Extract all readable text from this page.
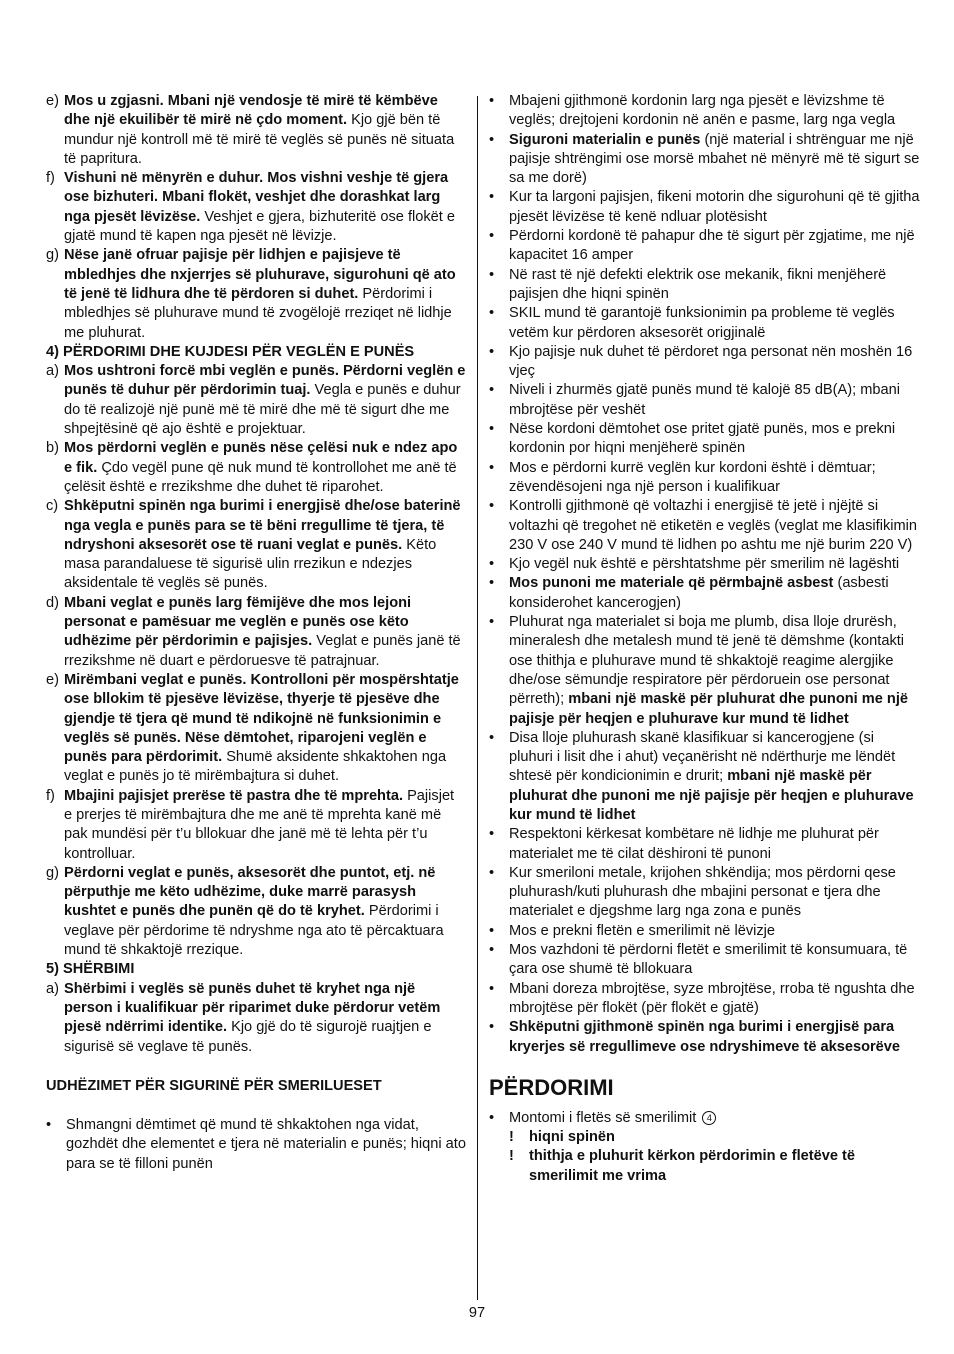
e) Mos u zgjasni. Mbani një vendosje të mirë të këmbëve dhe një ekuilibër të mirë në çdo moment. Kjo gjë bën të mundur një kontroll më të mirë të veglës së punës në situata të papritura.

f) Vishuni në mënyrën e duhur. Mos vishni veshje të gjera ose bizhuteri. Mbani flokët, veshjet dhe dorashkat larg nga pjesët lëvizëse. Veshjet e gjera, bizhuteritë ose flokët e gjatë mund të kapen nga pjesët në lëvizje.

g) Nëse janë ofruar pajisje për lidhjen e pajisjeve të mbledhjes dhe nxjerrjes së pluhurave, sigurohuni që ato të jenë të lidhura dhe të përdoren si duhet. Përdorimi i mbledhjes së pluhurave mund të zvogëlojë rreziqet në lidhje me pluhurat.

4) PËRDORIMI DHE KUJDESI PËR VEGLËN E PUNËS

a) Mos ushtroni forcë mbi veglën e punës. Përdorni veglën e punës të duhur për përdorimin tuaj. Vegla e punës e duhur do të realizojë një punë më të mirë dhe më të sigurt dhe me shpejtësinë që ajo është e projektuar.

b) Mos përdorni veglën e punës nëse çelësi nuk e ndez apo e fik. Çdo vegël pune që nuk mund të kontrollohet me anë të çelësit është e rrezikshme dhe duhet të riparohet.

c) Shkëputni spinën nga burimi i energjisë dhe/ose baterinë nga vegla e punës para se të bëni rregullime të tjera, të ndryshoni aksesorët ose të ruani veglat e punës. Këto masa parandaluese të sigurisë ulin rrezikun e ndezjes aksidentale të veglës së punës.

d) Mbani veglat e punës larg fëmijëve dhe mos lejoni personat e pamësuar me veglën e punës ose këto udhëzime për përdorimin e pajisjes. Veglat e punës janë të rrezikshme në duart e përdoruesve të patrajnuar.

e) Mirëmbani veglat e punës. Kontrolloni për mospërshtatje ose bllokim të pjesëve lëvizëse, thyerje të pjesëve dhe gjendje të tjera që mund të ndikojnë në funksionimin e veglës së punës. Nëse dëmtohet, riparojeni veglën e punës para përdorimit. Shumë aksidente shkaktohen nga veglat e punës jo të mirëmbajtura si duhet.

f) Mbajini pajisjet prerëse të pastra dhe të mprehta. Pajisjet e prerjes të mirëmbajtura dhe me anë të mprehta kanë më pak mundësi për t’u bllokuar dhe janë më të lehta për t’u kontrolluar.

g) Përdorni veglat e punës, aksesorët dhe puntot, etj. në përputhje me këto udhëzime, duke marrë parasysh kushtet e punës dhe punën që do të kryhet. Përdorimi i veglave për përdorime të ndryshme nga ato të përcaktuara mund të shkaktojë rrezique.

5) SHËRBIMI

a) Shërbimi i veglës së punës duhet të kryhet nga një person i kualifikuar për riparimet duke përdorur vetëm pjesë ndërrimi identike. Kjo gjë do të sigurojë ruajtjen e sigurisë së veglave të punës.

UDHËZIMET PËR SIGURINË PËR SMERILUESET

• Shmangni dëmtimet që mund të shkaktohen nga vidat, gozhdët dhe elementet e tjera në materialin e punës; hiqni ato para se të filloni punën

• Mbajeni gjithmonë kordonin larg nga pjesët e lëvizshme të veglës; drejtojeni kordonin në anën e pasme, larg nga vegla

• Siguroni materialin e punës (një material i shtrënguar me një pajisje shtrëngimi ose morsë mbahet në mënyrë më të sigurt se sa me dorë)

• Kur ta largoni pajisjen, fikeni motorin dhe sigurohuni që të gjitha pjesët lëvizëse të kenë ndluar plotësisht

• Përdorni kordonë të pahapur dhe të sigurt për zgjatime, me një kapacitet 16 amper

• Në rast të një defekti elektrik ose mekanik, fikni menjëherë pajisjen dhe hiqni spinën

• SKIL mund të garantojë funksionimin pa probleme të veglës vetëm kur përdoren aksesorët origjinalë

• Kjo pajisje nuk duhet të përdoret nga personat nën moshën 16 vjeç

• Niveli i zhurmës gjatë punës mund të kalojë 85 dB(A); mbani mbrojtëse për veshët

• Nëse kordoni dëmtohet ose pritet gjatë punës, mos e prekni kordonin por hiqni menjëherë spinën

• Mos e përdorni kurrë veglën kur kordoni është i dëmtuar; zëvendësojeni nga një person i kualifikuar

• Kontrolli gjithmonë që voltazhi i energjisë të jetë i njëjtë si voltazhi që tregohet në etiketën e veglës (veglat me klasifikimin 230 V ose 240 V mund të lidhen po ashtu me një burim 220 V)

• Kjo vegël nuk është e përshtatshme për smerilim në lagështi

• Mos punoni me materiale që përmbajnë asbest (asbesti konsiderohet kancerogjen)

• Pluhurat nga materialet si boja me plumb, disa lloje drurësh, mineralesh dhe metalesh mund të jenë të dëmshme (kontakti ose thithja e pluhurave mund të shkaktojë reagime alergjike dhe/ose sëmundje respiratore për përdoruein ose personat përreth); mbani një maskë për pluhurat dhe punoni me një pajisje për heqjen e pluhurave kur mund të lidhet

• Disa lloje pluhurash skanë klasifikuar si kancerogjene (si pluhuri i lisit dhe i ahut) veçanërisht në ndërthurje me lëndët shtesë për kondicionimin e drurit; mbani një maskë për pluhurat dhe punoni me një pajisje për heqjen e pluhurave kur mund të lidhet

• Respektoni kërkesat kombëtare në lidhje me pluhurat për materialet me të cilat dëshironi të punoni

• Kur smeriloni metale, krijohen shkëndija; mos përdorni qese pluhurash/kuti pluhurash dhe mbajini personat e tjera dhe materialet e djegshme larg nga zona e punës

• Mos e prekni fletën e smerilimit në lëvizje

• Mos vazhdoni të përdorni fletët e smerilimit të konsumuara, të çara ose shumë të bllokuara

• Mbani doreza mbrojtëse, syze mbrojtëse, rroba të ngushta dhe mbrojtëse për flokët (për flokët e gjatë)

• Shkëputni gjithmonë spinën nga burimi i energjisë para kryerjes së rregullimeve ose ndryshimeve të aksesorëve

PËRDORIMI
• Montomi i fletës së smerilimit 4

! hiqni spinën

! thithja e pluhurit kërkon përdorimin e fletëve të smerilimit me vrima

97
